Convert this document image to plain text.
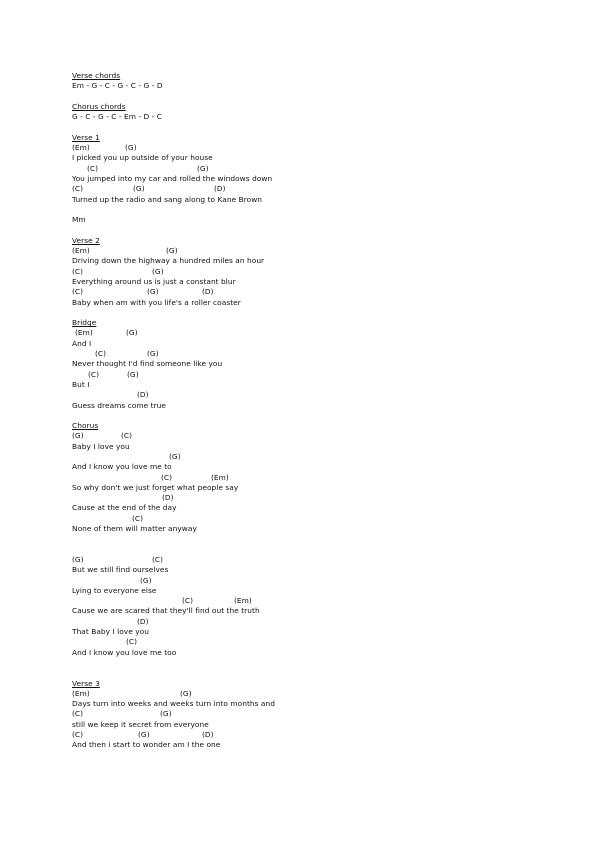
Verse chords
Em - G - C - G - C - G - D
Chorus chords
G - C - G - C - Em - D - C
Verse 1

(Em)

	(G)

I picked you up outside of your house

(C)

	(G)

You jumped into my car and rolled the windows down

(C)

	(G)

	(D)

Turned up the radio and sang along to Kane Brown
Mm
Verse 2

(Em)

	(G)

Driving down the highway a hundred miles an hour

(C)

	(G)

Everything around us is just a constant blur

(C)

	(G)

	(D)

Baby when am with you life's a roller coaster
Bridge

(Em)

	(G)

And I

(C)

	(G)

Never thought I'd find someone like you

(C)

	(G)

But I

(D)

Guess dreams come true
Chorus

(G)

	(C)

Baby I love you

(G)

And I know you love me to

(C)

	(Em)

So why don't we just forget what people say

(D)

Cause at the end of the day

(C)

None of them will matter anyway

(G)

	(C)

But we still find ourselves

(G)

Lying to everyone else

(C)

	(Em)

Cause we are scared that they'll find out the truth

(D)

That Baby I love you

(C)

And I know you love me too
Verse 3

(Em)

	(G)

Days turn into weeks and weeks turn into months and

(C)

	(G)

still we keep it secret from everyone

(C)

	(G)

	(D)

And then i start to wonder am I the one
